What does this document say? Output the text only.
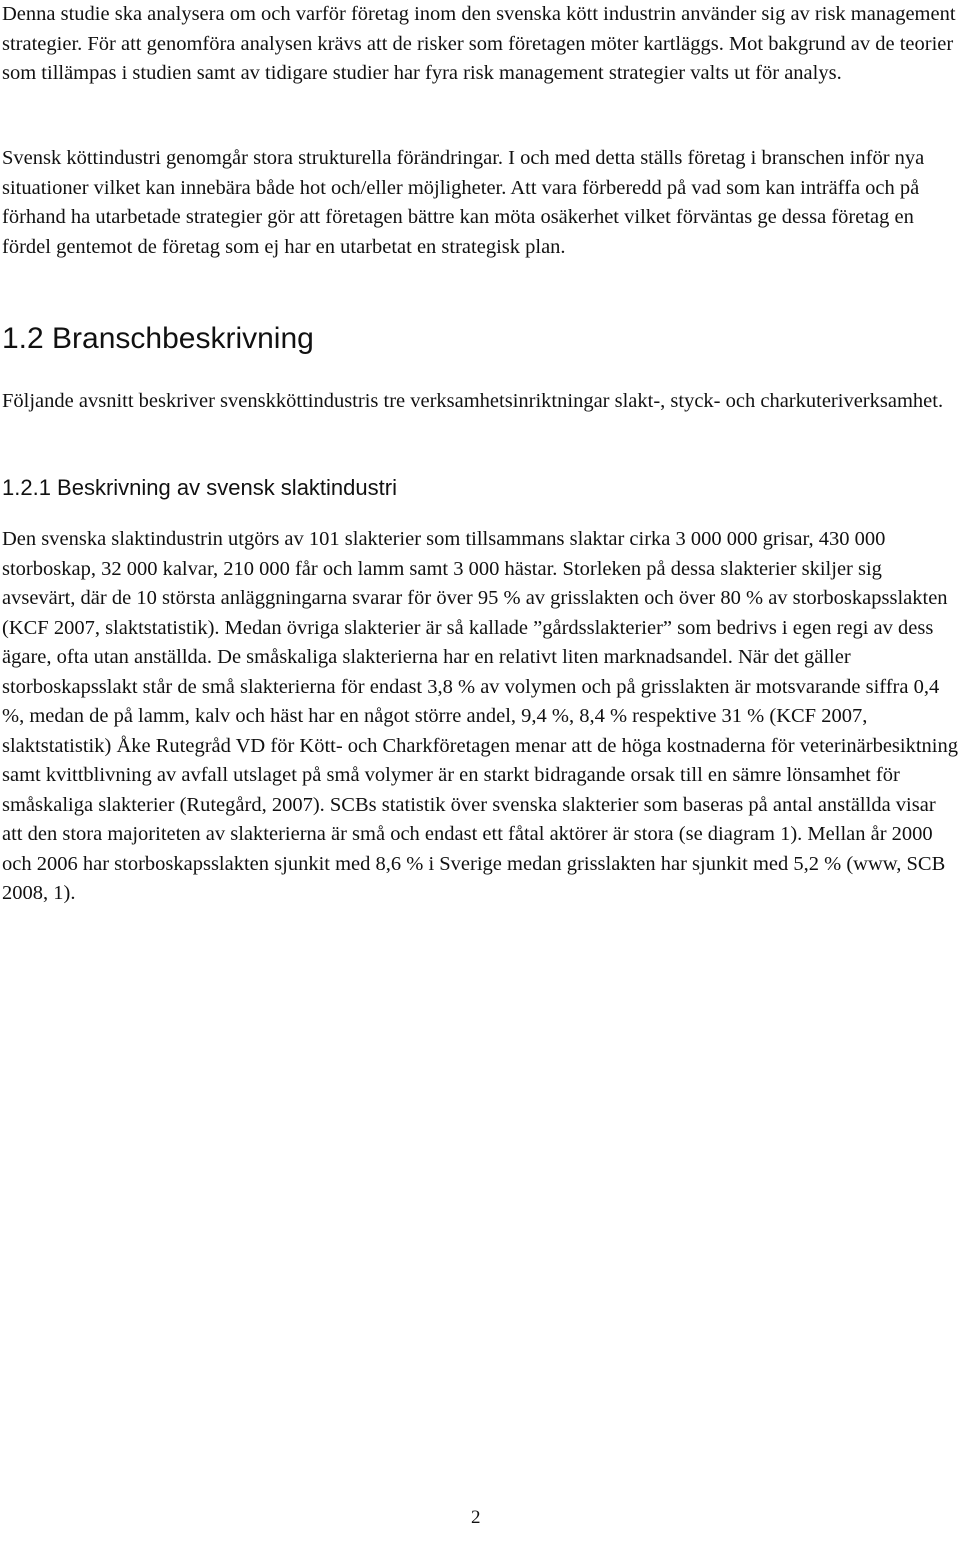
Denna studie ska analysera om och varför företag inom den svenska kött industrin använder sig av risk management strategier. För att genomföra analysen krävs att de risker som företagen möter kartläggs. Mot bakgrund av de teorier som tillämpas i studien samt av tidigare studier har fyra risk management strategier valts ut för analys.

Svensk köttindustri genomgår stora strukturella förändringar. I och med detta ställs företag i branschen inför nya situationer vilket kan innebära både hot och/eller möjligheter. Att vara förberedd på vad som kan inträffa och på förhand ha utarbetade strategier gör att företagen bättre kan möta osäkerhet vilket förväntas ge dessa företag en fördel gentemot de företag som ej har en utarbetat en strategisk plan.

1.2 Branschbeskrivning

Följande avsnitt beskriver svenskköttindustris tre verksamhetsinriktningar slakt-, styck- och charkuteriverksamhet.

1.2.1 Beskrivning av svensk slaktindustri

Den svenska slaktindustrin utgörs av 101 slakterier som tillsammans slaktar cirka 3 000 000 grisar, 430 000 storboskap, 32 000 kalvar, 210 000 får och lamm samt 3 000 hästar. Storleken på dessa slakterier skiljer sig avsevärt, där de 10 största anläggningarna svarar för över 95 % av grisslakten och över 80 % av storboskapsslakten (KCF 2007, slaktstatistik). Medan övriga slakterier är så kallade ”gårdsslakterier” som bedrivs i egen regi av dess ägare, ofta utan anställda. De småskaliga slakterierna har en relativt liten marknadsandel. När det gäller storboskapsslakt står de små slakterierna för endast 3,8 % av volymen och på grisslakten är motsvarande siffra 0,4 %, medan de på lamm, kalv och häst har en något större andel, 9,4 %, 8,4 % respektive 31 % (KCF 2007, slaktstatistik) Åke Rutegråd VD för Kött- och Charkföretagen menar att de höga kostnaderna för veterinärbesiktning samt kvittblivning av avfall utslaget på små volymer är en starkt bidragande orsak till en sämre lönsamhet för småskaliga slakterier (Rutegård, 2007). SCBs statistik över svenska slakterier som baseras på antal anställda visar att den stora majoriteten av slakterierna är små och endast ett fåtal aktörer är stora (se diagram 1). Mellan år 2000 och 2006 har storboskapsslakten sjunkit med 8,6 % i Sverige medan grisslakten har sjunkit med 5,2 % (www, SCB 2008, 1).

2
